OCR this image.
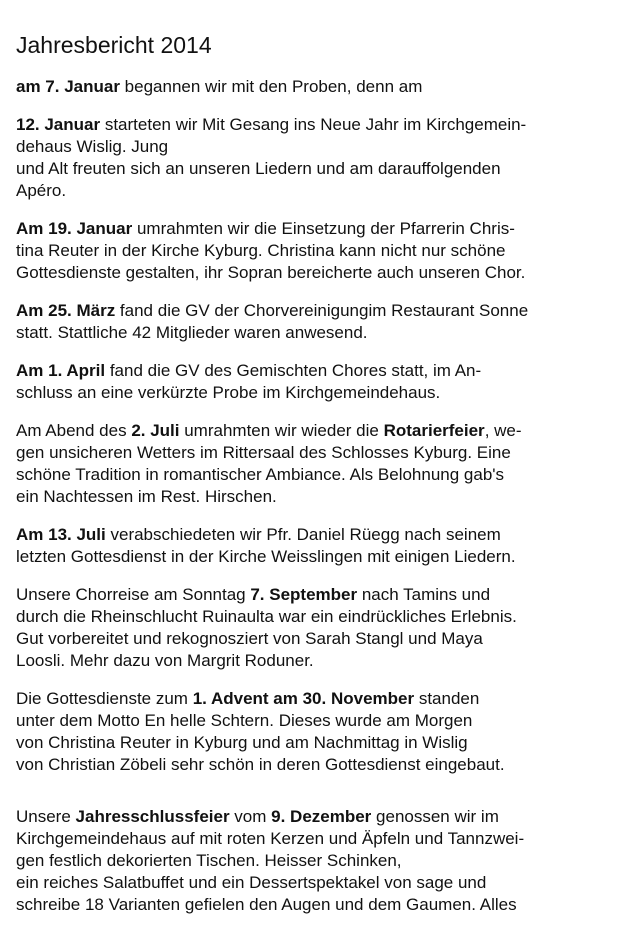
Jahresbericht 2014
am 7. Januar begannen wir mit den Proben, denn am
12. Januar starteten wir Mit Gesang ins Neue Jahr im Kirchgemein-
dehaus Wislig. Jung
und Alt freuten sich an unseren Liedern und am darauffolgenden
Apéro.
Am 19. Januar umrahmten wir die Einsetzung der Pfarrerin Chris-
tina Reuter in der Kirche Kyburg. Christina kann nicht nur schöne
Gottesdienste gestalten, ihr Sopran bereicherte auch unseren Chor.
Am 25. März fand die GV der Chorvereinigungim Restaurant Sonne
statt. Stattliche 42 Mitglieder waren anwesend.
Am 1. April fand die GV des Gemischten Chores statt, im An-
schluss an eine verkürzte Probe im Kirchgemeindehaus.
Am Abend des 2. Juli umrahmten wir wieder die Rotarierfeier, we-
gen unsicheren Wetters im Rittersaal des Schlosses Kyburg. Eine
schöne Tradition in romantischer Ambiance. Als Belohnung gab's
ein Nachtessen im Rest. Hirschen.
Am 13. Juli verabschiedeten wir Pfr. Daniel Rüegg nach seinem
letzten Gottesdienst in der Kirche Weisslingen mit einigen Liedern.
Unsere Chorreise am Sonntag 7. September nach Tamins und
durch die Rheinschlucht Ruinaulta war ein eindrückliches Erlebnis.
Gut vorbereitet und rekognosziert von Sarah Stangl und Maya
Loosli. Mehr dazu von Margrit Roduner.
Die Gottesdienste zum 1. Advent am 30. November standen
unter dem Motto En helle Schtern. Dieses wurde am Morgen
von Christina Reuter in Kyburg und am Nachmittag in Wislig
von Christian Zöbeli sehr schön in deren Gottesdienst eingebaut.
Unsere Jahresschlussfeier vom 9. Dezember genossen wir im
Kirchgemeindehaus auf mit roten Kerzen und Äpfeln und Tannzwei-
gen festlich dekorierten Tischen. Heisser Schinken,
ein reiches Salatbuffet und ein Dessertspektakel von sage und
schreibe 18 Varianten gefielen den Augen und dem Gaumen. Alles
